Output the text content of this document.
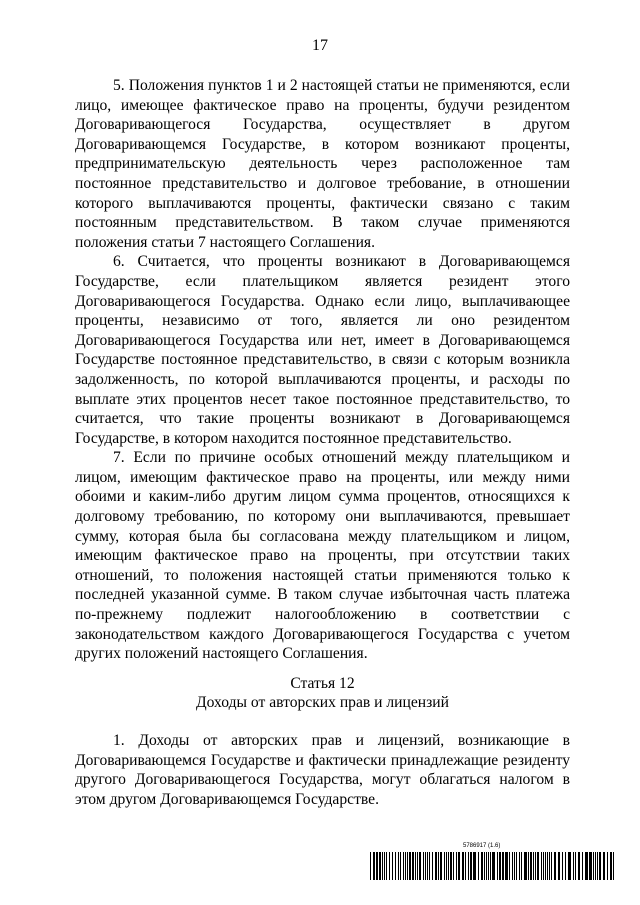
17

5. Положения пунктов 1 и 2 настоящей статьи не применяются, если лицо, имеющее фактическое право на проценты, будучи резидентом Договаривающегося Государства, осуществляет в другом Договаривающемся Государстве, в котором возникают проценты, предпринимательскую деятельность через расположенное там постоянное представительство и долговое требование, в отношении которого выплачиваются проценты, фактически связано с таким постоянным представительством. В таком случае применяются положения статьи 7 настоящего Соглашения.

6. Считается, что проценты возникают в Договаривающемся Государстве, если плательщиком является резидент этого Договаривающегося Государства. Однако если лицо, выплачивающее проценты, независимо от того, является ли оно резидентом Договаривающегося Государства или нет, имеет в Договаривающемся Государстве постоянное представительство, в связи с которым возникла задолженность, по которой выплачиваются проценты, и расходы по выплате этих процентов несет такое постоянное представительство, то считается, что такие проценты возникают в Договаривающемся Государстве, в котором находится постоянное представительство.

7. Если по причине особых отношений между плательщиком и лицом, имеющим фактическое право на проценты, или между ними обоими и каким-либо другим лицом сумма процентов, относящихся к долговому требованию, по которому они выплачиваются, превышает сумму, которая была бы согласована между плательщиком и лицом, имеющим фактическое право на проценты, при отсутствии таких отношений, то положения настоящей статьи применяются только к последней указанной сумме. В таком случае избыточная часть платежа по-прежнему подлежит налогообложению в соответствии с законодательством каждого Договаривающегося Государства с учетом других положений настоящего Соглашения.

Статья 12
Доходы от авторских прав и лицензий

1. Доходы от авторских прав и лицензий, возникающие в Договаривающемся Государстве и фактически принадлежащие резиденту другого Договаривающегося Государства, могут облагаться налогом в этом другом Договаривающемся Государстве.

5786917 (1.6)
